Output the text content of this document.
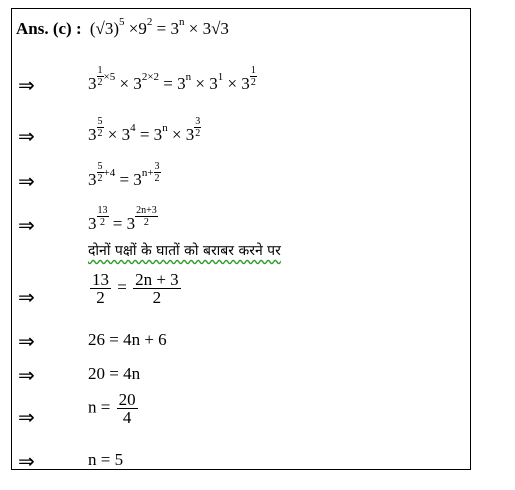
Ans. (c) : $(√3)^5 \times 9^2 = 3^n \times 3√3$
⇒	$3 \frac{1}{2} ^{\times 5} \times 3^{2\times 2} = 3^n \times 3^1 \times 3 \frac{1}{2}$
⇒	$3 \frac{5}{2} \times 3^4 = 3^n \times 3 \frac{3}{2}$
⇒	$3 \frac{5}{2} ^{+4} = 3^{n+} \frac{3}{2}$
⇒	$3 \frac{13}{2} = 3 \frac{2n+3}{2}$
दोनों पक्षों के घातों को बराबर करने पर
⇒	$\frac{13}{2} = \frac{2n + 3}{2}$
⇒	26 = 4n + 6
⇒	20 = 4n
⇒	$n = \frac{20}{4}$
⇒	n = 5
